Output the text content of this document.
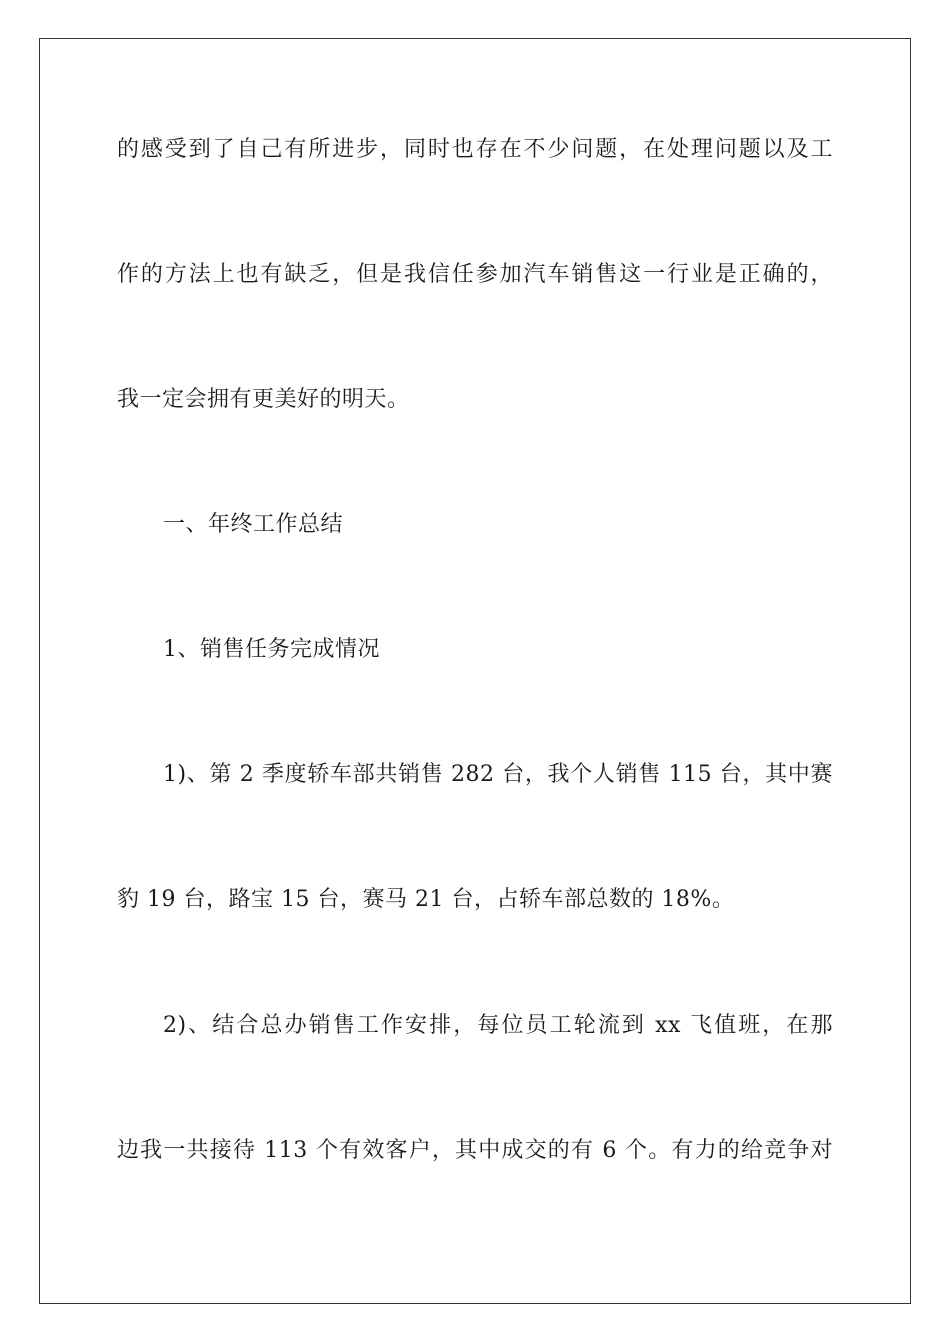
的感受到了自己有所进步，同时也存在不少问题，在处理问题以及工
作的方法上也有缺乏，但是我信任参加汽车销售这一行业是正确的，
我一定会拥有更美好的明天。
一、年终工作总结
1、销售任务完成情况
1)、第 2 季度轿车部共销售 282 台，我个人销售 115 台，其中赛
豹 19 台，路宝 15 台，赛马 21 台，占轿车部总数的 18%。
2)、结合总办销售工作安排，每位员工轮流到 xx 飞值班，在那
边我一共接待 113 个有效客户，其中成交的有 6 个。有力的给竞争对
